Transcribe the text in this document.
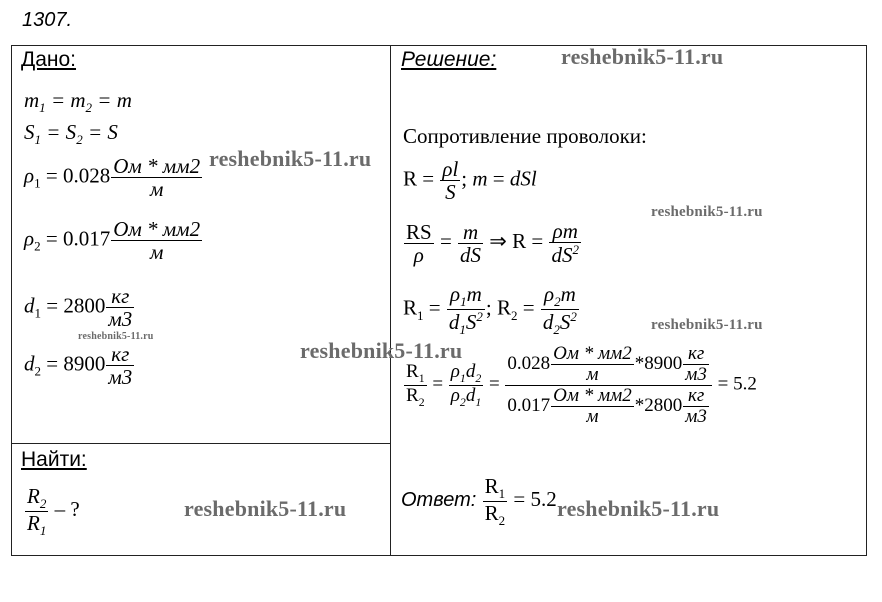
1307.
Дано:
$m_1 = m_2 = m$
$S_1 = S_2 = S$
$\rho_1 = 0.028 \frac{Ом * мм2}{м}$
$\rho_2 = 0.017 \frac{Ом * мм2}{м}$
$d_1 = 2800 \frac{кг}{м3}$
$d_2 = 8900 \frac{кг}{м3}$
Найти:
$\frac{R_2}{R_1}$ – ?
Решение:
Сопротивление проволоки:
$R = \frac{\rho l}{S}$ ; m = dSl
$\frac{RS}{\rho} = \frac{m}{dS}$ ⇒ $R = \frac{\rho m}{dS^2}$
$R_1 = \frac{\rho_1m}{d_1S^2}$ ; $R_2 = \frac{\rho_2m}{d_2S^2}$
$\frac{R_1}{R_2} = \frac{\rho_1d_2}{\rho_2d_1} = \frac{0.028 \frac{Ом * мм2}{м} *8900 \frac{кг}{м3}}{0.017 \frac{Ом * мм2}{м} *2800 \frac{кг}{м3}} = 5.2$
Ответ: $\frac{R_1}{R_2} = 5.2$
reshebnik5-11.ru
reshebnik5-11.ru
reshebnik5-11.ru
reshebnik5-11.ru
reshebnik5-11.ru
reshebnik5-11.ru
reshebnik5-11.ru	reshebnik5-11.ru
